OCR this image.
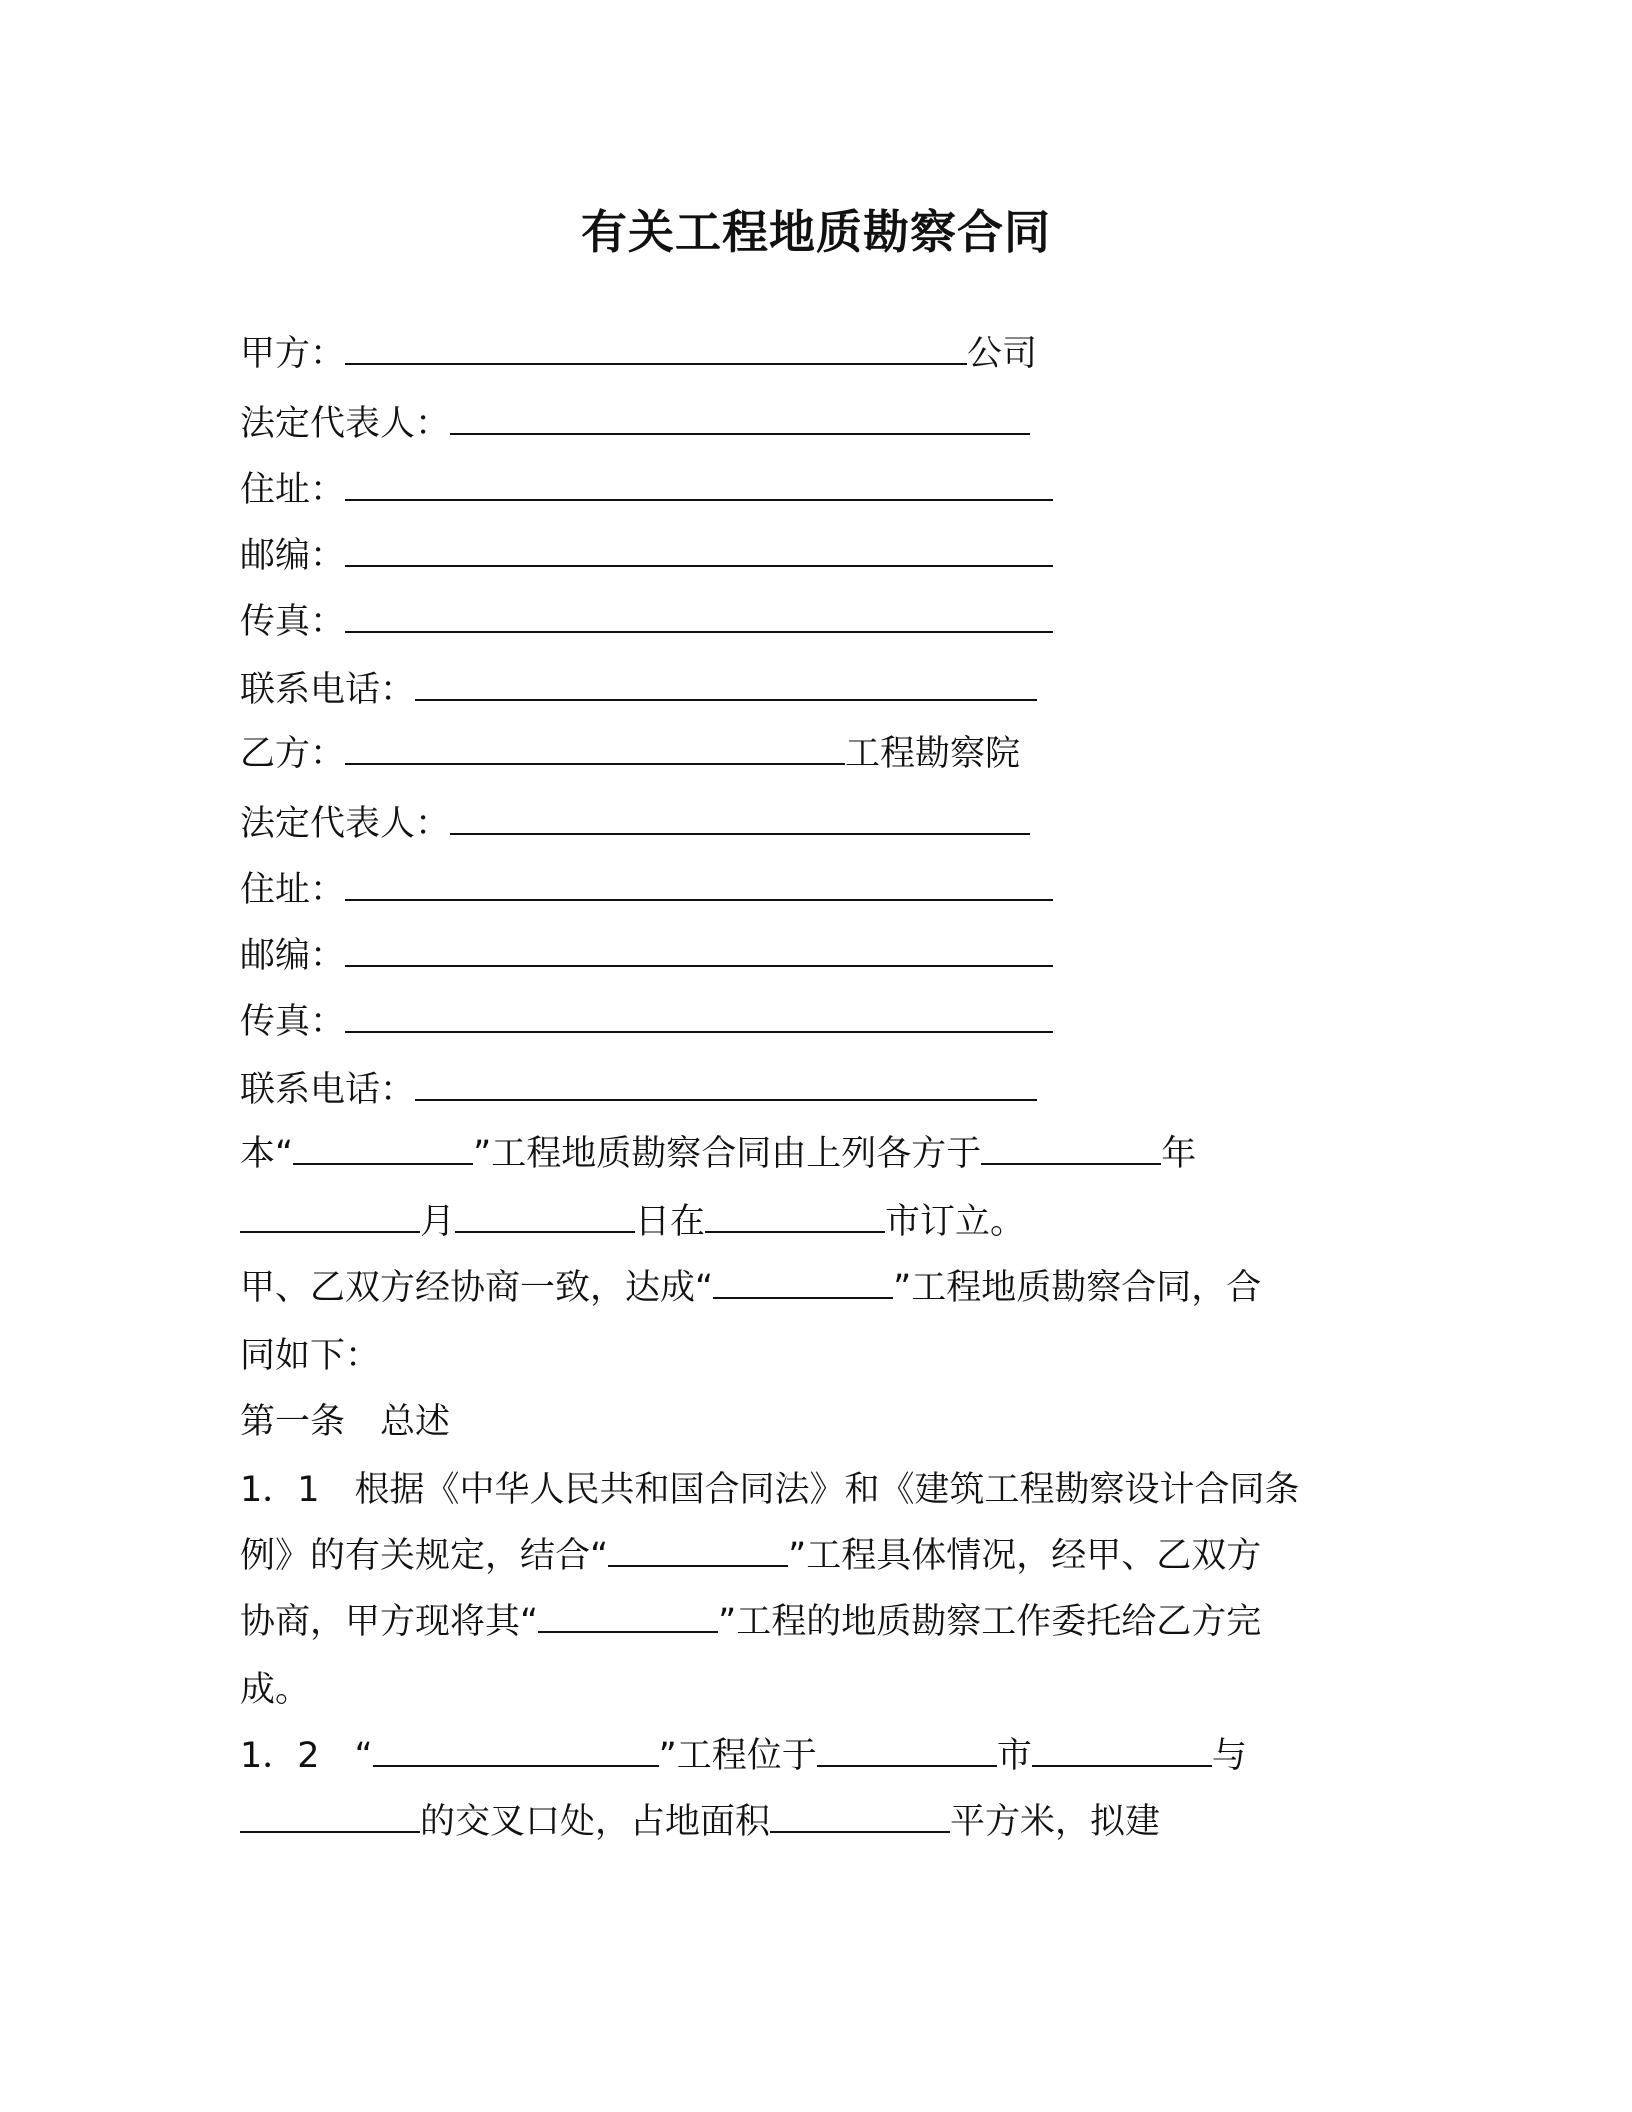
有关工程地质勘察合同
甲方：	公司
法定代表人：
住址：
邮编：
传真：
联系电话：
乙方：	工程勘察院
法定代表人：
住址：
邮编：
传真：
联系电话：
本“	”工程地质勘察合同由上列各方于	年
月	日在	市订立。
甲、乙双方经协商一致，达成“	”工程地质勘察合同，合
同如下：
第一条　总述
1．1　根据《中华人民共和国合同法》和《建筑工程勘察设计合同条
例》的有关规定，结合“	”工程具体情况，经甲、乙双方
协商，甲方现将其“	”工程的地质勘察工作委托给乙方完
成。
1．2　“	”工程位于	市	与
的交叉口处，占地面积	平方米，拟建
